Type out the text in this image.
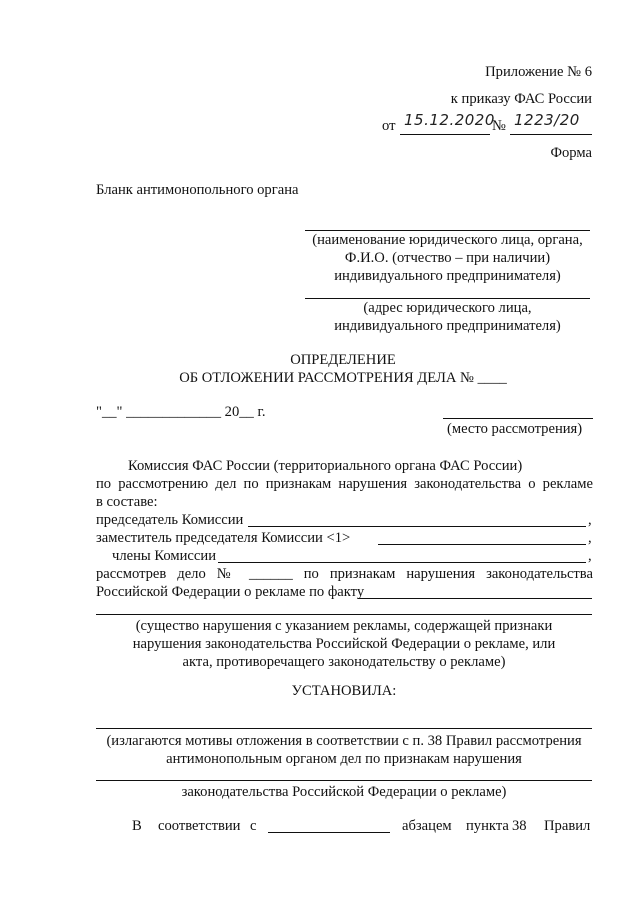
Приложение № 6
к приказу ФАС России
от 15.12.2020
№ 1223/20
Форма
Бланк антимонопольного органа
(наименование юридического лица, органа,
Ф.И.О. (отчество – при наличии)
индивидуального предпринимателя)
(адрес юридического лица,
индивидуального предпринимателя)
ОПРЕДЕЛЕНИЕ
ОБ ОТЛОЖЕНИИ РАССМОТРЕНИЯ ДЕЛА № ____
"__" _____________ 20__ г.
(место рассмотрения)
Комиссия ФАС России (территориального органа ФАС России)
по рассмотрению дел по признакам нарушения законодательства о рекламе
в составе:
председатель Комиссии	,
заместитель председателя Комиссии <1>	,
члены Комиссии	,
рассмотрев дело № ______ по признакам нарушения законодательства
Российской Федерации о рекламе по факту
(существо нарушения с указанием рекламы, содержащей признаки
нарушения законодательства Российской Федерации о рекламе, или
акта, противоречащего законодательству о рекламе)
УСТАНОВИЛА:
(излагаются мотивы отложения в соответствии с п. 38 Правил рассмотрения
антимонопольным органом дел по признакам нарушения
законодательства Российской Федерации о рекламе)
В соответствии с	абзацем пункта 38 Правил
